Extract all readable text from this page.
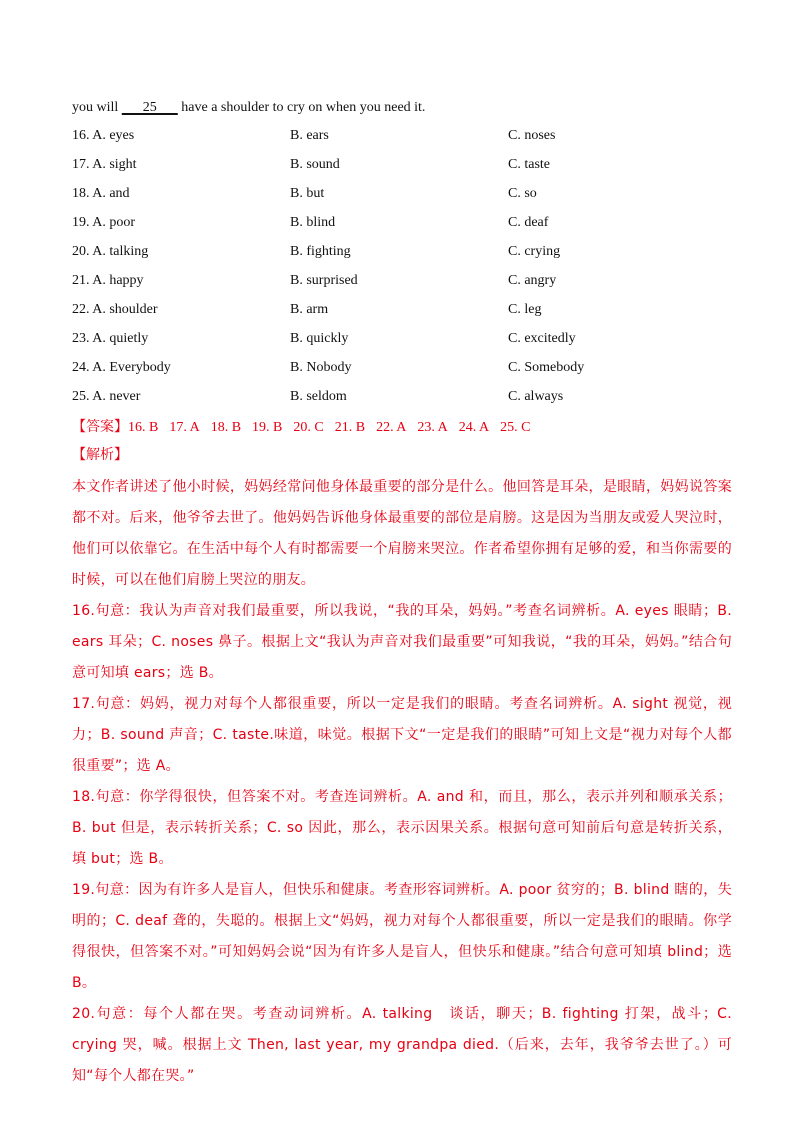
you will       25       have a shoulder to cry on when you need it.
16. A. eyes	B. ears	C. noses
17. A. sight	B. sound	C. taste
18. A. and	B. but	C. so
19. A. poor	B. blind	C. deaf
20. A. talking	B. fighting	C. crying
21. A. happy	B. surprised	C. angry
22. A. shoulder	B. arm	C. leg
23. A. quietly	B. quickly	C. excitedly
24. A. Everybody	B. Nobody	C. Somebody
25. A. never	B. seldom	C. always
【答案】16. B 17. A 18. B 19. B 20. C 21. B 22. A 23. A 24. A 25. C
【解析】

本文作者讲述了他小时候，妈妈经常问他身体最重要的部分是什么。他回答是耳朵，是眼睛，妈妈说答案都不对。后来，他爷爷去世了。他妈妈告诉他身体最重要的部位是肩膀。这是因为当朋友或爱人哭泣时，他们可以依靠它。在生活中每个人有时都需要一个肩膀来哭泣。作者希望你拥有足够的爱，和当你需要的时候，可以在他们肩膀上哭泣的朋友。

16.句意：我认为声音对我们最重要，所以我说，“我的耳朵，妈妈。”考查名词辨析。A. eyes 眼睛；B. ears 耳朵；C. noses 鼻子。根据上文“我认为声音对我们最重要”可知我说，“我的耳朵，妈妈。”结合句意可知填 ears；选 B。

17.句意：妈妈，视力对每个人都很重要，所以一定是我们的眼睛。考查名词辨析。A. sight 视觉，视力；B. sound 声音；C. taste.味道，味觉。根据下文“一定是我们的眼睛”可知上文是“视力对每个人都很重要”；选 A。

18.句意：你学得很快，但答案不对。考查连词辨析。A. and 和，而且，那么，表示并列和顺承关系；B. but 但是，表示转折关系；C. so 因此，那么，表示因果关系。根据句意可知前后句意是转折关系，填 but；选 B。

19.句意：因为有许多人是盲人，但快乐和健康。考查形容词辨析。A. poor 贫穷的；B. blind 瞎的，失明的；C. deaf 聋的，失聪的。根据上文“妈妈，视力对每个人都很重要，所以一定是我们的眼睛。你学得很快，但答案不对。”可知妈妈会说“因为有许多人是盲人，但快乐和健康。”结合句意可知填 blind；选 B。

20.句意：每个人都在哭。考查动词辨析。A. talking　谈话，聊天；B. fighting 打架，战斗；C. crying 哭，喊。根据上文 Then, last year, my grandpa died.（后来，去年，我爷爷去世了。）可知“每个人都在哭。”
